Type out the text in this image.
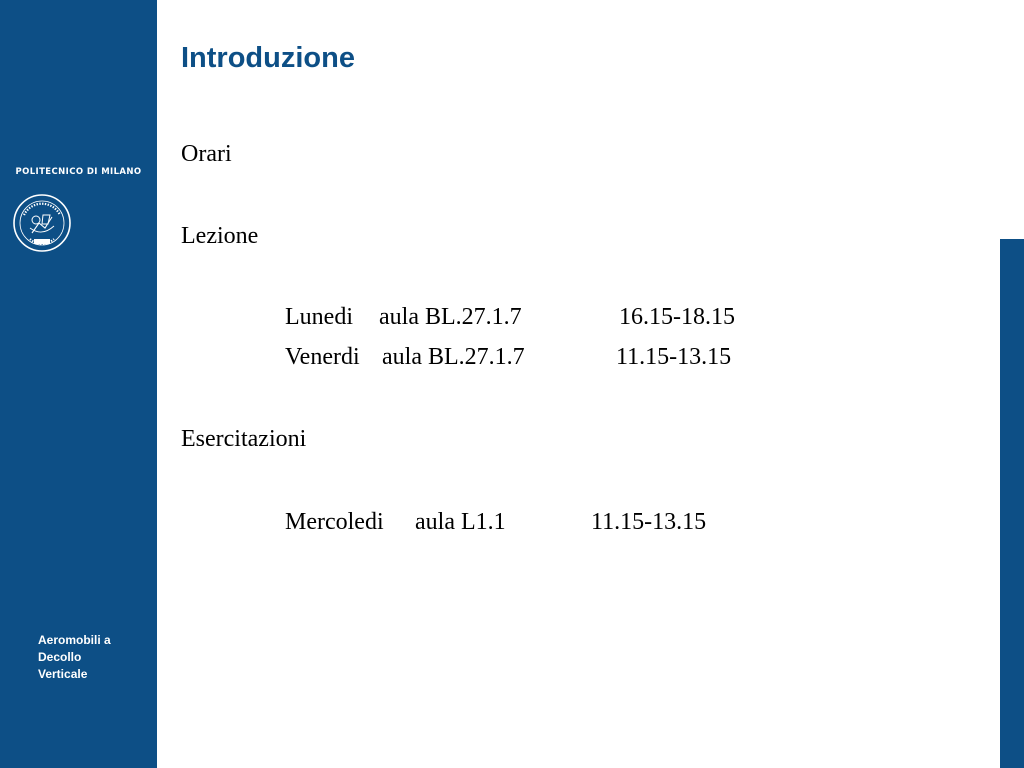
POLITECNICO DI MILANO
Aeromobili a
Decollo
Verticale
Introduzione
Orari
Lezione
Lunedi aula BL.27.1.7	16.15-18.15
Venerdi aula BL.27.1.7	11.15-13.15
Esercitazioni
Mercoledi aula L1.1	11.15-13.15
